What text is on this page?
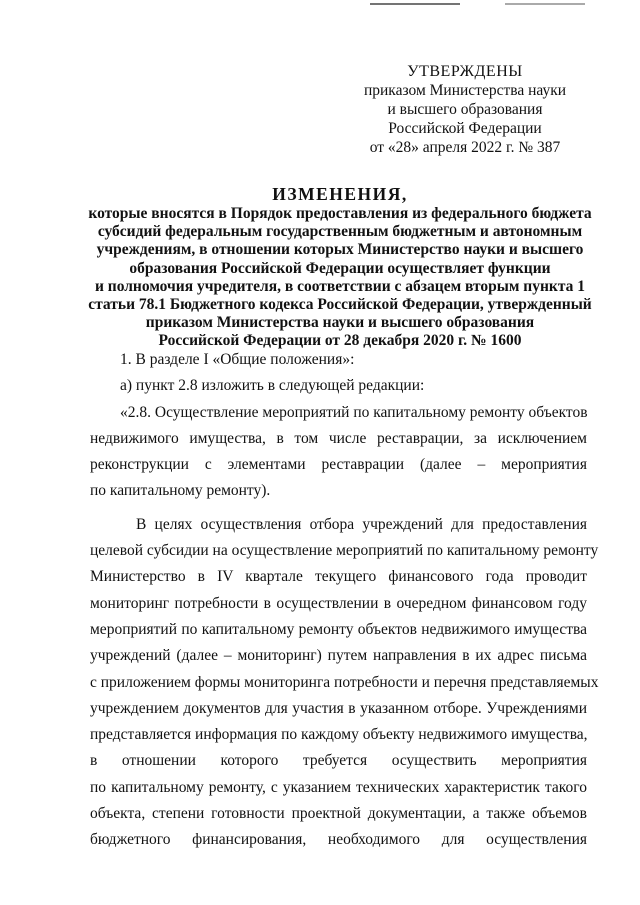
УТВЕРЖДЕНЫ
приказом Министерства науки
и высшего образования
Российской Федерации
от «28» апреля 2022 г. № 387
ИЗМЕНЕНИЯ,
которые вносятся в Порядок предоставления из федерального бюджета
субсидий федеральным государственным бюджетным и автономным
учреждениям, в отношении которых Министерство науки и высшего
образования Российской Федерации осуществляет функции
и полномочия учредителя, в соответствии с абзацем вторым пункта 1
статьи 78.1 Бюджетного кодекса Российской Федерации, утвержденный
приказом Министерства науки и высшего образования
Российской Федерации от 28 декабря 2020 г. № 1600
1. В разделе I «Общие положения»:
а) пункт 2.8 изложить в следующей редакции:
«2.8. Осуществление мероприятий по капитальному ремонту объектов
недвижимого имущества, в том числе реставрации, за исключением
реконструкции с элементами реставрации (далее – мероприятия
по капитальному ремонту).
В целях осуществления отбора учреждений для предоставления
целевой субсидии на осуществление мероприятий по капитальному ремонту
Министерство в IV квартале текущего финансового года проводит
мониторинг потребности в осуществлении в очередном финансовом году
мероприятий по капитальному ремонту объектов недвижимого имущества
учреждений (далее – мониторинг) путем направления в их адрес письма
с приложением формы мониторинга потребности и перечня представляемых
учреждением документов для участия в указанном отборе. Учреждениями
представляется информация по каждому объекту недвижимого имущества,
в отношении которого требуется осуществить мероприятия
по капитальному ремонту, с указанием технических характеристик такого
объекта, степени готовности проектной документации, а также объемов
бюджетного финансирования, необходимого для осуществления
